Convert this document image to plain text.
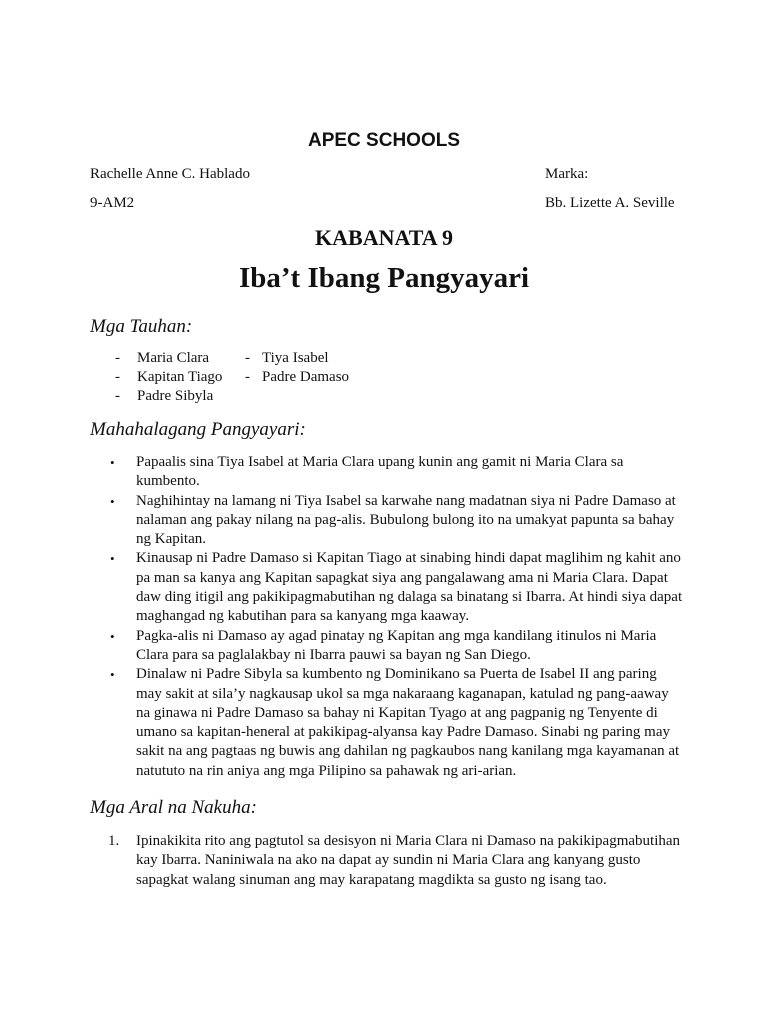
APEC SCHOOLS
Rachelle Anne C. Hablado	Marka:
9-AM2	Bb. Lizette A. Seville
KABANATA 9
Iba’t Ibang Pangyayari
Mga Tauhan:
- Maria Clara
- Kapitan Tiago
- Padre Sibyla
- Tiya Isabel
- Padre Damaso
Mahahalagang Pangyayari:
• Papaalis sina Tiya Isabel at Maria Clara upang kunin ang gamit ni Maria Clara sa kumbento.
• Naghihintay na lamang ni Tiya Isabel sa karwahe nang madatnan siya ni Padre Damaso at nalaman ang pakay nilang na pag-alis. Bubulong bulong ito na umakyat papunta sa bahay ng Kapitan.
• Kinausap ni Padre Damaso si Kapitan Tiago at sinabing hindi dapat maglihim ng kahit ano pa man sa kanya ang Kapitan sapagkat siya ang pangalawang ama ni Maria Clara. Dapat daw ding itigil ang pakikipagmabutihan ng dalaga sa binatang si Ibarra. At hindi siya dapat maghangad ng kabutihan para sa kanyang mga kaaway.
• Pagka-alis ni Damaso ay agad pinatay ng Kapitan ang mga kandilang itinulos ni Maria Clara para sa paglalakbay ni Ibarra pauwi sa bayan ng San Diego.
• Dinalaw ni Padre Sibyla sa kumbento ng Dominikano sa Puerta de Isabel II ang paring may sakit at sila’y nagkausap ukol sa mga nakaraang kaganapan, katulad ng pang-aaway na ginawa ni Padre Damaso sa bahay ni Kapitan Tyago at ang pagpanig ng Tenyente di umano sa kapitan-heneral at pakikipag-alyansa kay Padre Damaso. Sinabi ng paring may sakit na ang pagtaas ng buwis ang dahilan ng pagkaubos nang kanilang mga kayamanan at natututo na rin aniya ang mga Pilipino sa pahawak ng ari-arian.
Mga Aral na Nakuha:
1. Ipinakikita rito ang pagtutol sa desisyon ni Maria Clara ni Damaso na pakikipagmabutihan kay Ibarra. Naniniwala na ako na dapat ay sundin ni Maria Clara ang kanyang gusto sapagkat walang sinuman ang may karapatang magdikta sa gusto ng isang tao.
